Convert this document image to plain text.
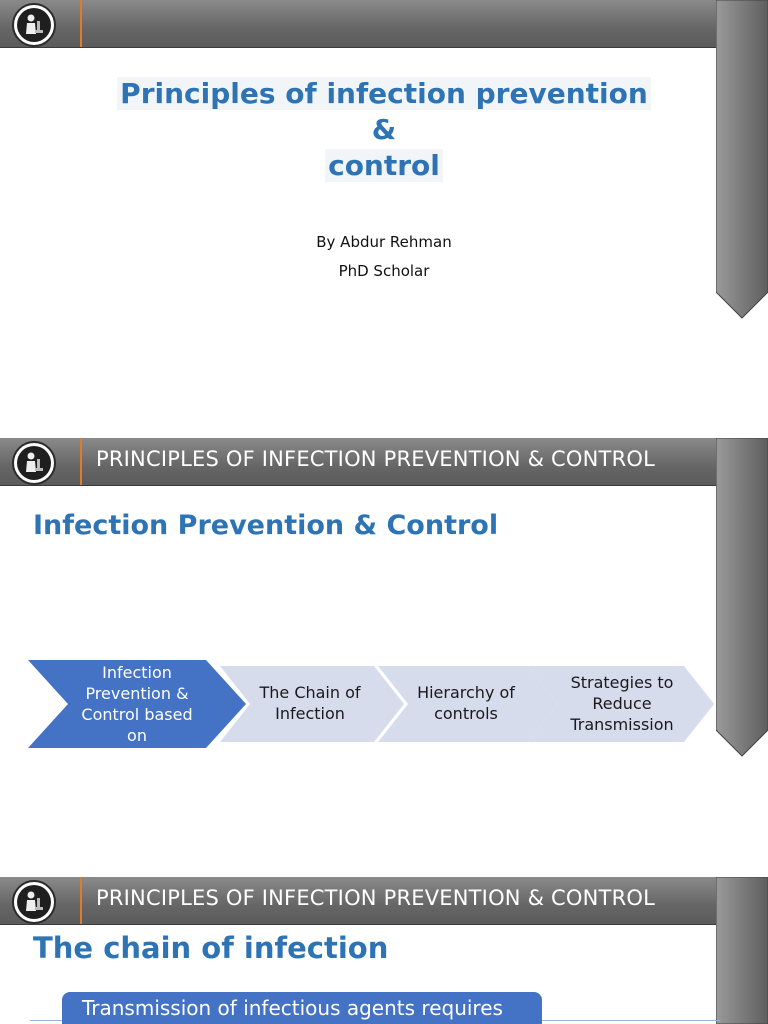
Principles of infection prevention
&
control
By Abdur Rehman
PhD Scholar
PRINCIPLES OF INFECTION PREVENTION & CONTROL
Infection Prevention & Control
Infection Prevention & Control based on
The Chain of Infection
Hierarchy of controls
Strategies to Reduce Transmission
PRINCIPLES OF INFECTION PREVENTION & CONTROL
The chain of infection
Transmission of infectious agents requires
